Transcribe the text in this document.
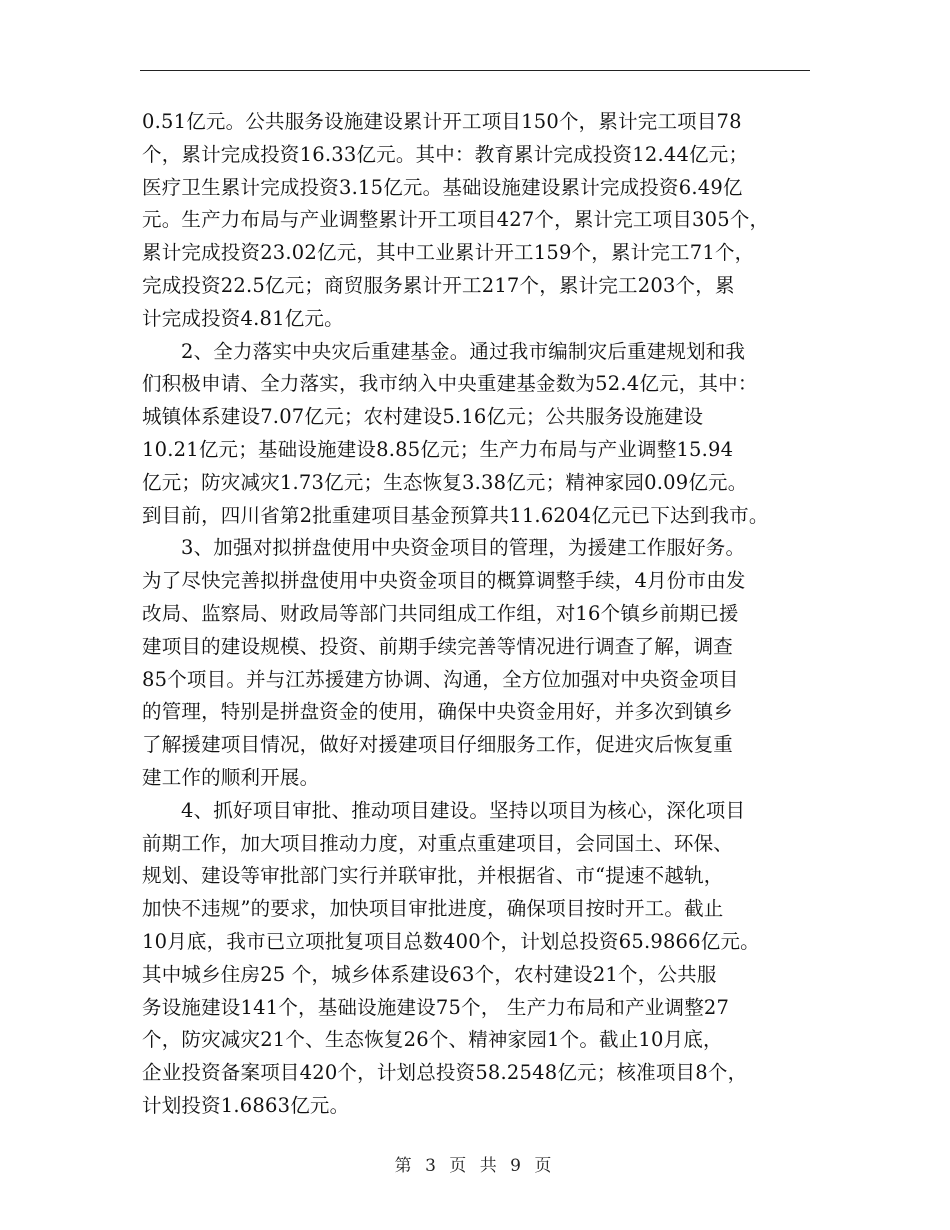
0.51亿元。公共服务设施建设累计开工项目150个，累计完工项目78
个，累计完成投资16.33亿元。其中：教育累计完成投资12.44亿元；
医疗卫生累计完成投资3.15亿元。基础设施建设累计完成投资6.49亿
元。生产力布局与产业调整累计开工项目427个，累计完工项目305个，
累计完成投资23.02亿元，其中工业累计开工159个，累计完工71个，
完成投资22.5亿元；商贸服务累计开工217个，累计完工203个，累
计完成投资4.81亿元。
2、全力落实中央灾后重建基金。通过我市编制灾后重建规划和我
们积极申请、全力落实，我市纳入中央重建基金数为52.4亿元，其中：
城镇体系建设7.07亿元；农村建设5.16亿元；公共服务设施建设
10.21亿元；基础设施建设8.85亿元；生产力布局与产业调整15.94
亿元；防灾减灾1.73亿元；生态恢复3.38亿元；精神家园0.09亿元。
到目前，四川省第2批重建项目基金预算共11.6204亿元已下达到我市。
3、加强对拟拼盘使用中央资金项目的管理，为援建工作服好务。
为了尽快完善拟拼盘使用中央资金项目的概算调整手续，4月份市由发
改局、监察局、财政局等部门共同组成工作组，对16个镇乡前期已援
建项目的建设规模、投资、前期手续完善等情况进行调查了解，调查
85个项目。并与江苏援建方协调、沟通，全方位加强对中央资金项目
的管理，特别是拼盘资金的使用，确保中央资金用好，并多次到镇乡
了解援建项目情况，做好对援建项目仔细服务工作，促进灾后恢复重
建工作的顺利开展。
4、抓好项目审批、推动项目建设。坚持以项目为核心，深化项目
前期工作，加大项目推动力度，对重点重建项目，会同国土、环保、
规划、建设等审批部门实行并联审批，并根据省、市“提速不越轨，
加快不违规”的要求，加快项目审批进度，确保项目按时开工。截止
10月底，我市已立项批复项目总数400个，计划总投资65.9866亿元。
其中城乡住房25 个，城乡体系建设63个，农村建设21个，公共服
务设施建设141个，基础设施建设75个， 生产力布局和产业调整27
个，防灾减灾21个、生态恢复26个、精神家园1个。截止10月底，
企业投资备案项目420个，计划总投资58.2548亿元；核准项目8个，
计划投资1.6863亿元。
第 3 页 共 9 页
